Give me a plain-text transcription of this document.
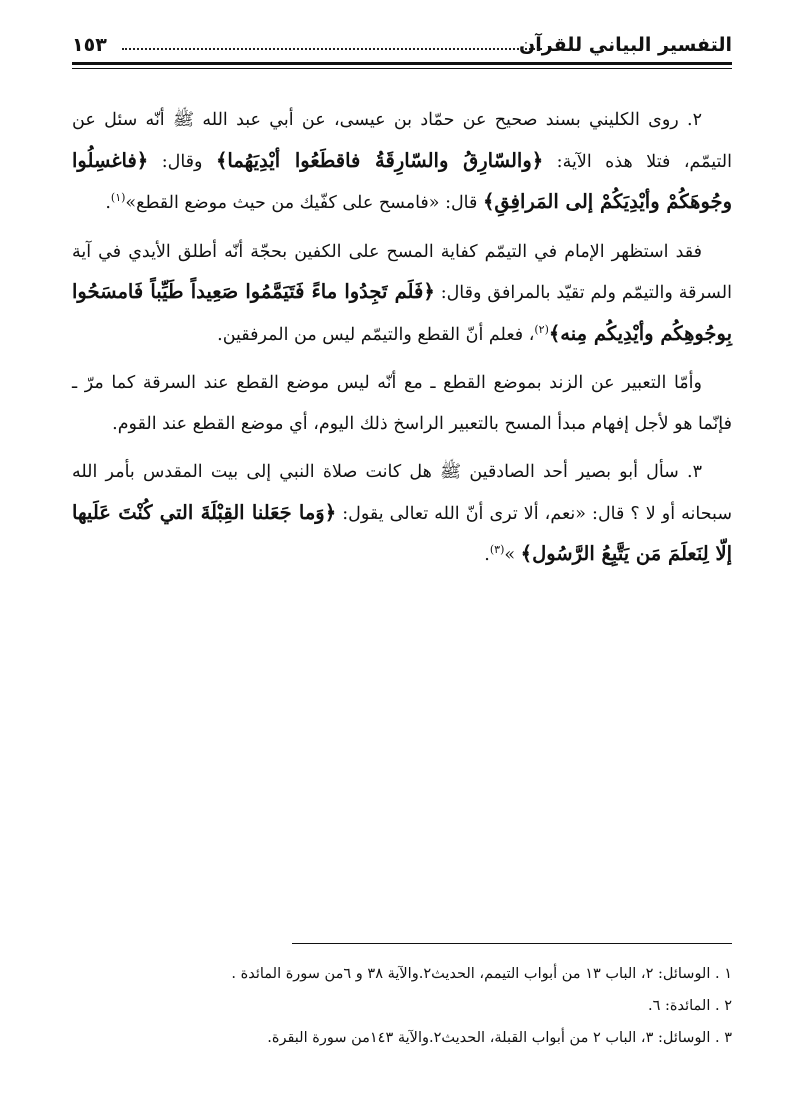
التفسير البياني للقرآن
١٥٣

٢. روى الكليني بسند صحيح عن حمّاد بن عيسى، عن أبي عبد الله ﷺ أنّه سئل عن التيمّم، فتلا هذه الآية: ﴿والسّارِقُ والسّارِقَةُ فاقطَعُوا أيْدِيَهُما﴾ وقال: ﴿فاغسِلُوا وجُوهَكُمْ وأيْدِيَكُمْ إلى المَرافِقِ﴾ قال: «فامسح على كفّيك من حيث موضع القطع»$^{(١)}$.

فقد استظهر الإمام في التيمّم كفاية المسح على الكفين بحجّة أنّه أطلق الأيدي في آية السرقة والتيمّم ولم تقيّد بالمرافق وقال: ﴿فَلَم تَجِدُوا ماءً فَتَيَمَّمُوا صَعِيداً طَيِّباً فَامسَحُوا بِوجُوهِكُم وأيْدِيكُم مِنه﴾$^{(٢)}$، فعلم أنّ القطع والتيمّم ليس من المرفقين.

وأمّا التعبير عن الزند بموضع القطع ـ مع أنّه ليس موضع القطع عند السرقة كما مرّ ـ فإنّما هو لأجل إفهام مبدأ المسح بالتعبير الراسخ ذلك اليوم، أي موضع القطع عند القوم.

٣. سأل أبو بصير أحد الصادقين ﷺ هل كانت صلاة النبي إلى بيت المقدس بأمر الله سبحانه أو لا ؟ قال: «نعم، ألا ترى أنّ الله تعالى يقول: ﴿وَما جَعَلنا القِبْلَةَ التي كُنْتَ عَلَيها إلّا لِنَعلَمَ مَن يَتَّبِعُ الرَّسُول﴾ »$^{(٣)}$.

١ . الوسائل: ٢، الباب ١٣ من أبواب التيمم، الحديث٢.والآية ٣٨ و ٦من سورة المائدة .

٢ . المائدة: ٦.

٣ . الوسائل: ٣، الباب ٢ من أبواب القبلة، الحديث٢.والآية ١٤٣من سورة البقرة.
